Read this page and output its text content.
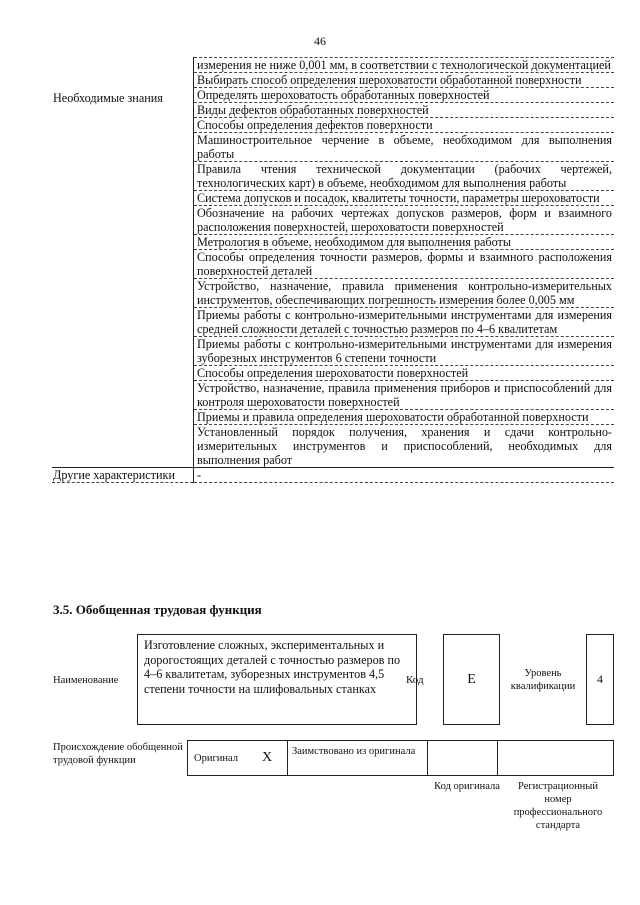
46
	измерения не ниже 0,001 мм, в соответствии с технологической документацией
	Выбирать способ определения шероховатости обработанной поверхности
	Определять шероховатость обработанных поверхностей
	Виды дефектов обработанных поверхностей
	Способы определения дефектов поверхности
Необходимые знания	Машиностроительное черчение в объеме, необходимом для выполнения работы
	Правила чтения технической документации (рабочих чертежей, технологических карт) в объеме, необходимом для выполнения работы
	Система допусков и посадок, квалитеты точности, параметры шероховатости
	Обозначение на рабочих чертежах допусков размеров, форм и взаимного расположения поверхностей, шероховатости поверхностей
	Метрология в объеме, необходимом для выполнения работы
	Способы определения точности размеров, формы и взаимного расположения поверхностей деталей
	Устройство, назначение, правила применения контрольно-измерительных инструментов, обеспечивающих погрешность измерения более 0,005 мм
	Приемы работы с контрольно-измерительными инструментами для измерения средней сложности деталей с точностью размеров по 4–6 квалитетам
	Приемы работы с контрольно-измерительными инструментами для измерения зуборезных инструментов 6 степени точности
	Способы определения шероховатости поверхностей
	Устройство, назначение, правила применения приборов и приспособлений для контроля шероховатости поверхностей
	Приемы и правила определения шероховатости обработанной поверхности
	Установленный порядок получения, хранения и сдачи контрольно-измерительных инструментов и приспособлений, необходимых для выполнения работ
Другие характеристики	-
3.5. Обобщенная трудовая функция
Наименование
Изготовление сложных, экспериментальных и дорогостоящих деталей с точностью размеров по 4–6 квалитетам, зуборезных инструментов 4,5 степени точности на шлифовальных станках
Код	E	Уровень квалификации
4
Происхождение обобщенной трудовой функции	Оригинал X Заимствовано из оригинала
Код оригинала	Регистрационный номер профессионального стандарта
